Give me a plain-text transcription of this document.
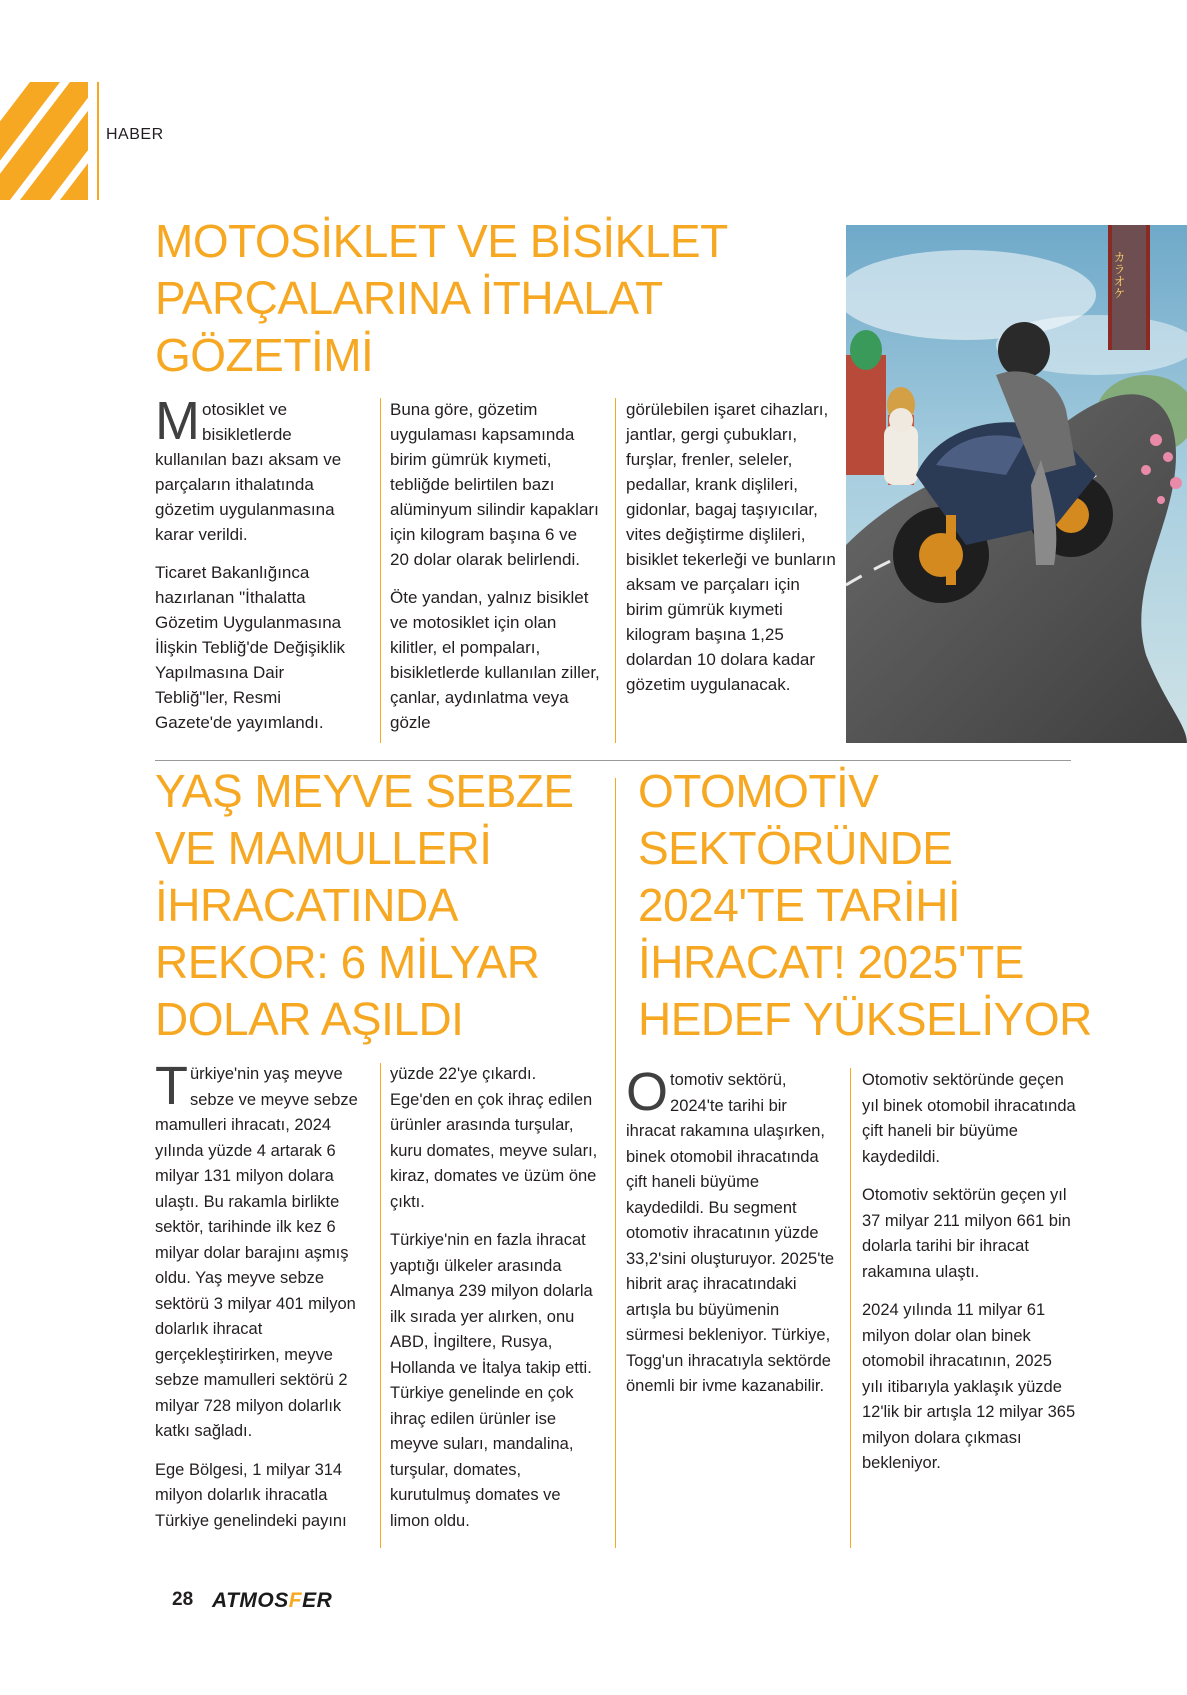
HABER
MOTOSİKLET VE BİSİKLET PARÇALARINA İTHALAT GÖZETİMİ

Motosiklet ve bisikletlerde kullanılan bazı aksam ve parçaların ithalatında gözetim uygulanmasına karar verildi.

Ticaret Bakanlığınca hazırlanan "İthalatta Gözetim Uygulanmasına İlişkin Tebliğ'de Değişiklik Yapılmasına Dair Tebliğ"ler, Resmi Gazete'de yayımlandı.

Buna göre, gözetim uygulaması kapsamında birim gümrük kıymeti, tebliğde belirtilen bazı alüminyum silindir kapakları için kilogram başına 6 ve 20 dolar olarak belirlendi.

Öte yandan, yalnız bisiklet ve motosiklet için olan kilitler, el pompaları, bisikletlerde kullanılan ziller, çanlar, aydınlatma veya gözle

görülebilen işaret cihazları, jantlar, gergi çubukları, furşlar, frenler, seleler, pedallar, krank dişlileri, gidonlar, bagaj taşıyıcılar, vites değiştirme dişlileri, bisiklet tekerleği ve bunların aksam ve parçaları için birim gümrük kıymeti kilogram başına 1,25 dolardan 10 dolara kadar gözetim uygulanacak.

カラオケ
YAŞ MEYVE SEBZE VE MAMULLERİ İHRACATINDA REKOR: 6 MİLYAR DOLAR AŞILDI

Türkiye'nin yaş meyve sebze ve meyve sebze mamulleri ihracatı, 2024 yılında yüzde 4 artarak 6 milyar 131 milyon dolara ulaştı. Bu rakamla birlikte sektör, tarihinde ilk kez 6 milyar dolar barajını aşmış oldu. Yaş meyve sebze sektörü 3 milyar 401 milyon dolarlık ihracat gerçekleştirirken, meyve sebze mamulleri sektörü 2 milyar 728 milyon dolarlık katkı sağladı.

Ege Bölgesi, 1 milyar 314 milyon dolarlık ihracatla Türkiye genelindeki payını

yüzde 22'ye çıkardı. Ege'den en çok ihraç edilen ürünler arasında turşular, kuru domates, meyve suları, kiraz, domates ve üzüm öne çıktı.

Türkiye'nin en fazla ihracat yaptığı ülkeler arasında Almanya 239 milyon dolarla ilk sırada yer alırken, onu ABD, İngiltere, Rusya, Hollanda ve İtalya takip etti. Türkiye genelinde en çok ihraç edilen ürünler ise meyve suları, mandalina, turşular, domates, kurutulmuş domates ve limon oldu.

OTOMOTİV SEKTÖRÜNDE 2024'TE TARİHİ İHRACAT! 2025'TE HEDEF YÜKSELİYOR

Otomotiv sektörü, 2024'te tarihi bir ihracat rakamına ulaşırken, binek otomobil ihracatında çift haneli büyüme kaydedildi. Bu segment otomotiv ihracatının yüzde 33,2'sini oluşturuyor. 2025'te hibrit araç ihracatındaki artışla bu büyümenin sürmesi bekleniyor. Türkiye, Togg'un ihracatıyla sektörde önemli bir ivme kazanabilir.

Otomotiv sektöründe geçen yıl binek otomobil ihracatında çift haneli bir büyüme kaydedildi.

Otomotiv sektörün geçen yıl 37 milyar 211 milyon 661 bin dolarla tarihi bir ihracat rakamına ulaştı.

2024 yılında 11 milyar 61 milyon dolar olan binek otomobil ihracatının, 2025 yılı itibarıyla yaklaşık yüzde 12'lik bir artışla 12 milyar 365 milyon dolara çıkması bekleniyor.

28 ATMOSFER
